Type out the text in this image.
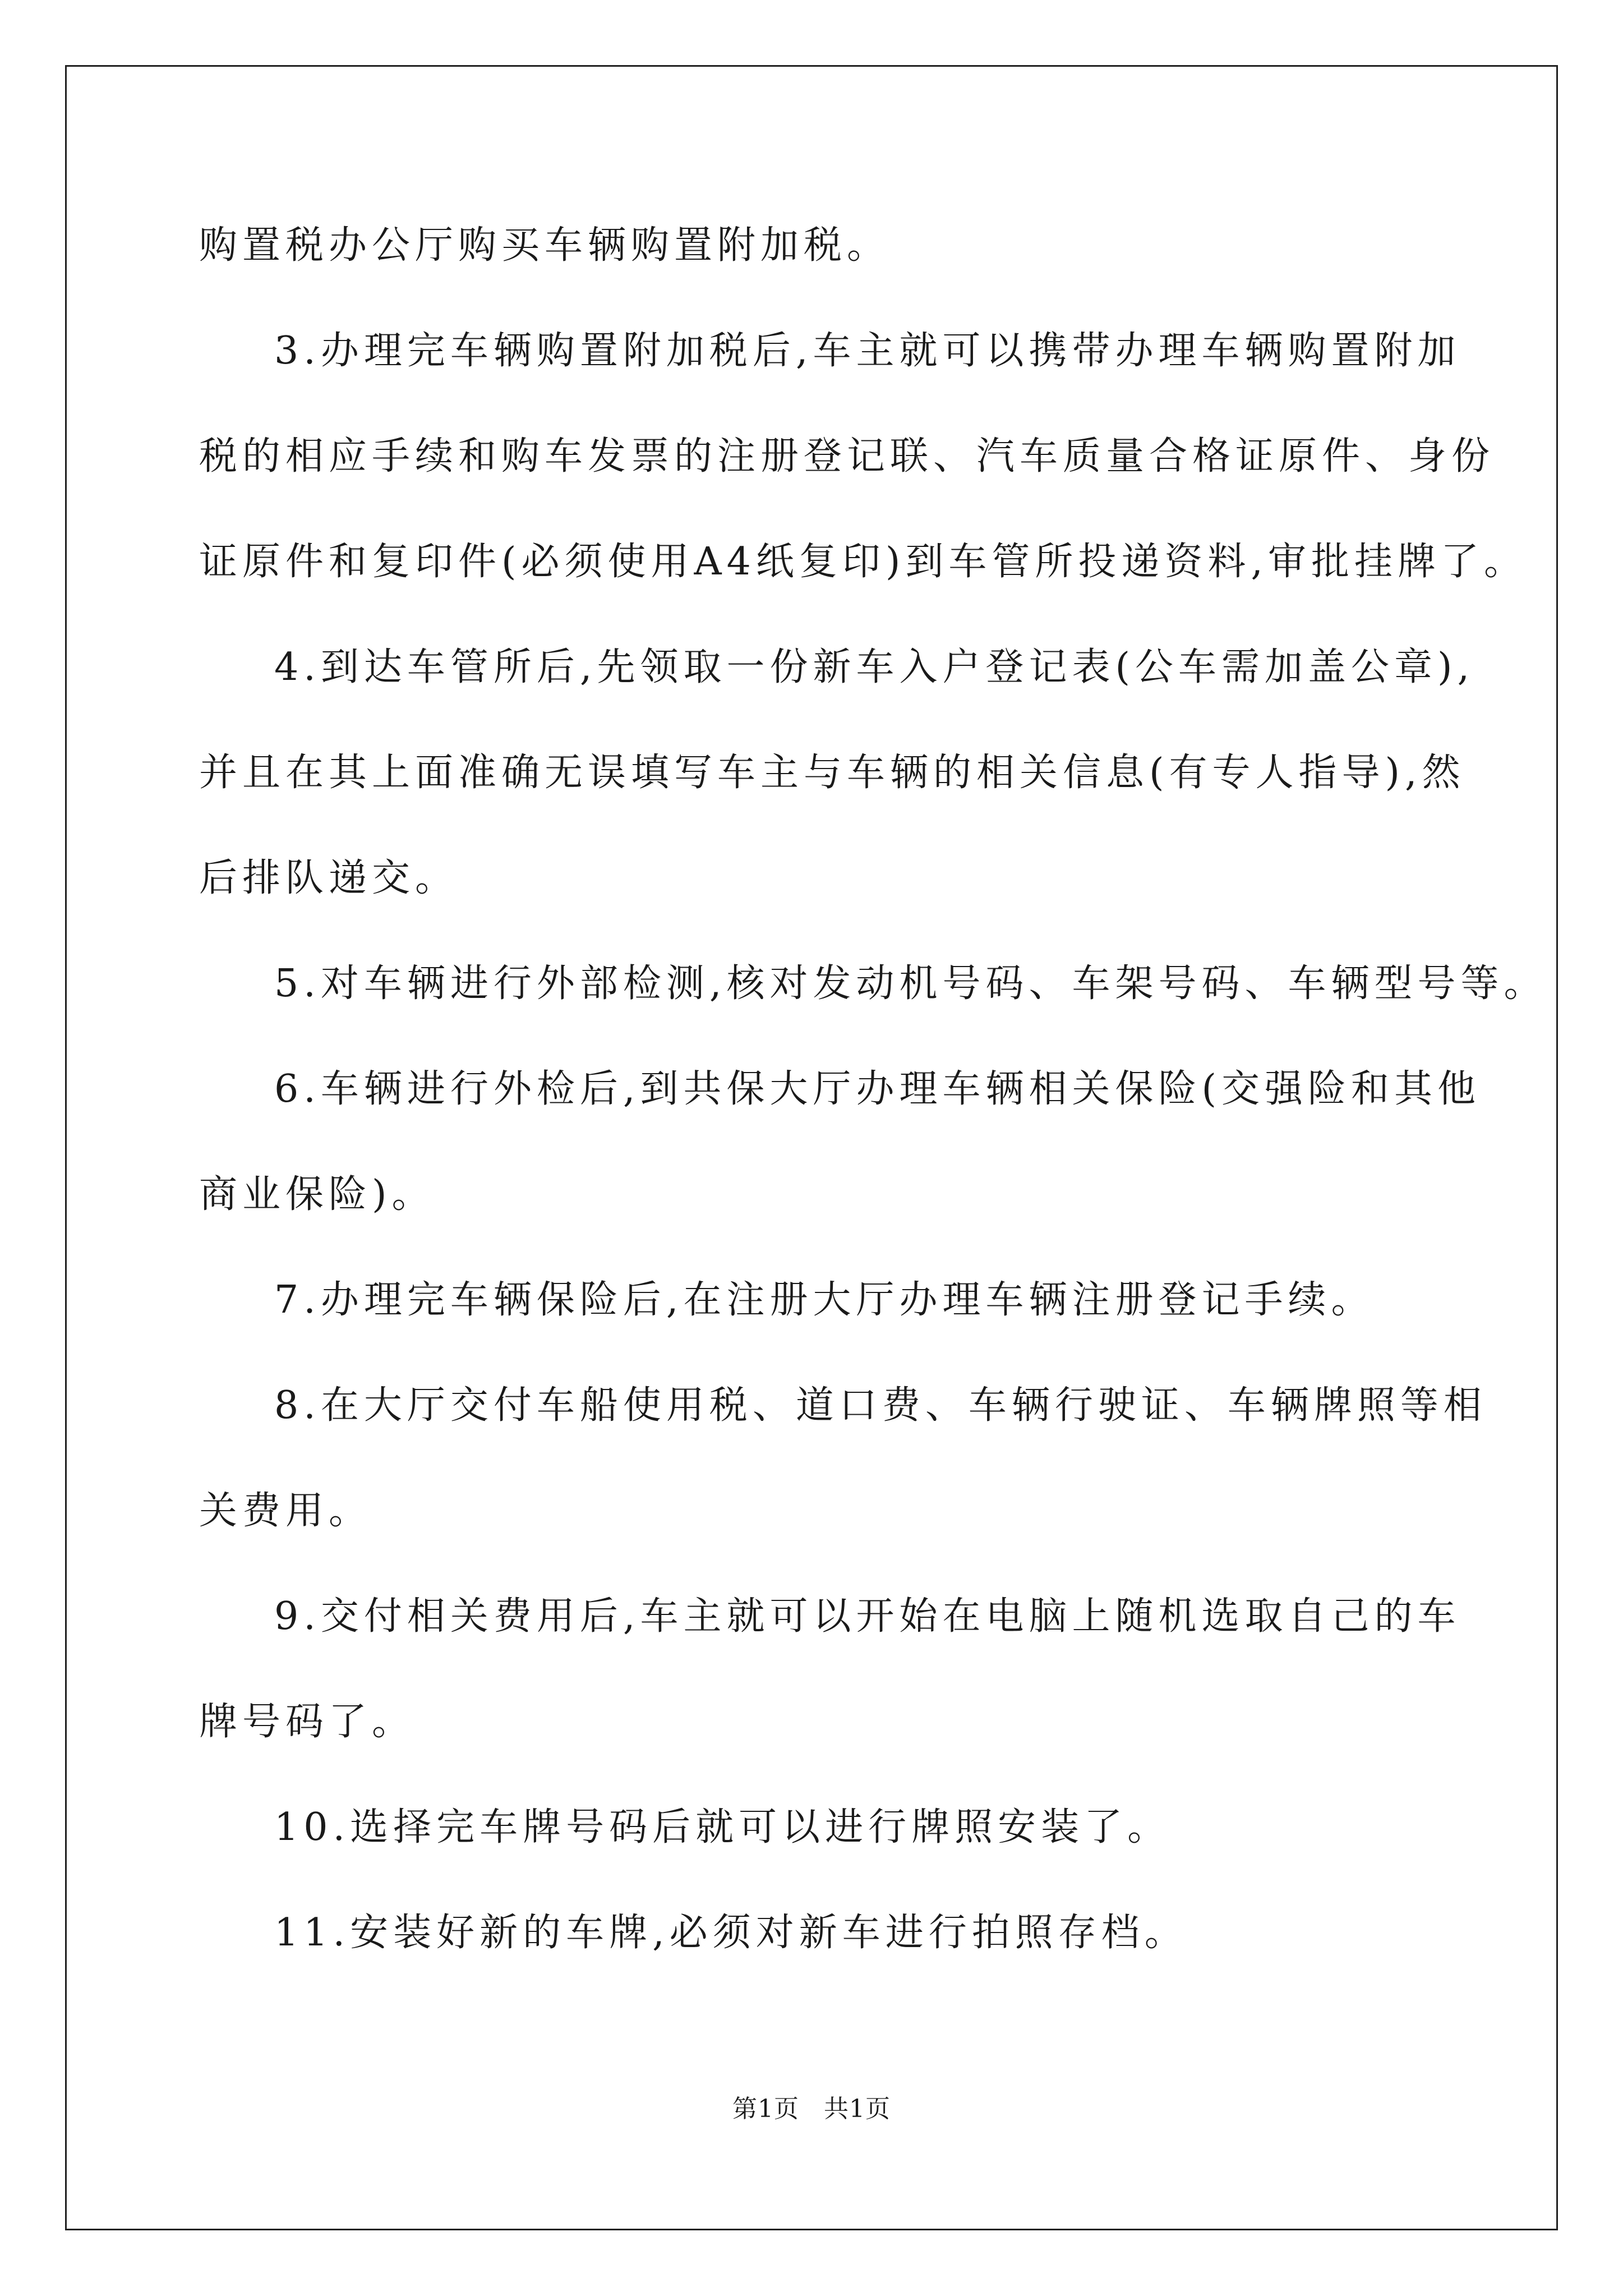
购置税办公厅购买车辆购置附加税。
3.办理完车辆购置附加税后,车主就可以携带办理车辆购置附加
税的相应手续和购车发票的注册登记联、汽车质量合格证原件、身份
证原件和复印件(必须使用A4纸复印)到车管所投递资料,审批挂牌了。
4.到达车管所后,先领取一份新车入户登记表(公车需加盖公章),
并且在其上面准确无误填写车主与车辆的相关信息(有专人指导),然
后排队递交。
5.对车辆进行外部检测,核对发动机号码、车架号码、车辆型号等。
6.车辆进行外检后,到共保大厅办理车辆相关保险(交强险和其他
商业保险)。
7.办理完车辆保险后,在注册大厅办理车辆注册登记手续。
8.在大厅交付车船使用税、道口费、车辆行驶证、车辆牌照等相
关费用。
9.交付相关费用后,车主就可以开始在电脑上随机选取自己的车
牌号码了。
10.选择完车牌号码后就可以进行牌照安装了。
11.安装好新的车牌,必须对新车进行拍照存档。
第1页 共1页
